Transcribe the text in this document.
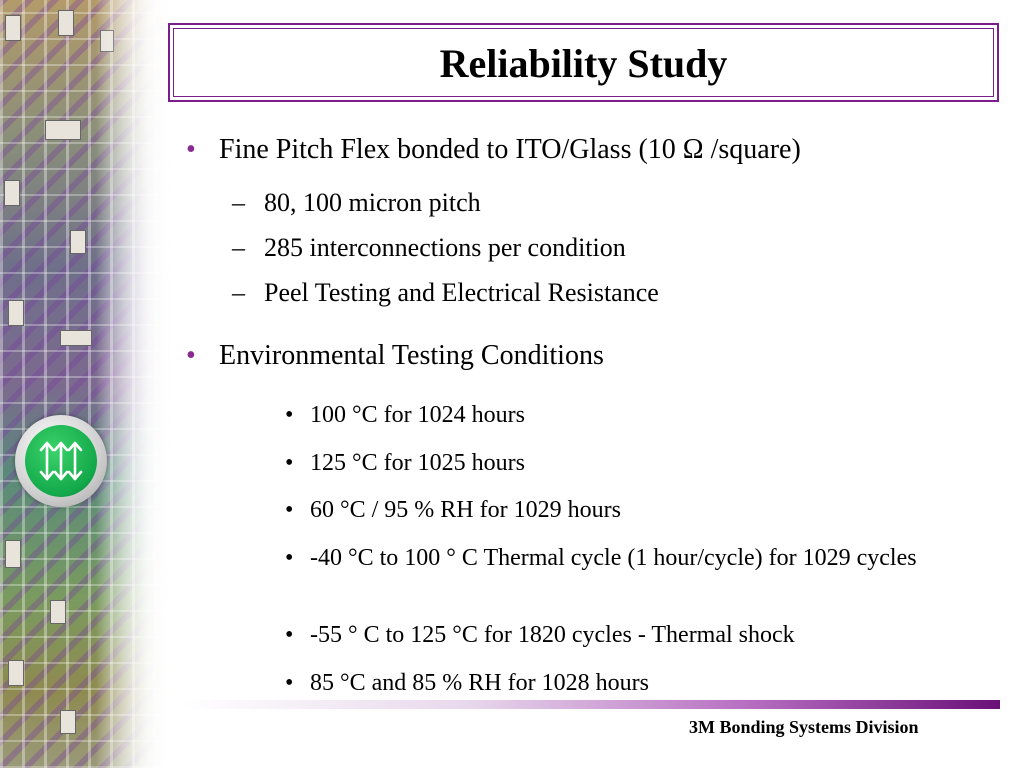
Reliability Study
• Fine Pitch Flex bonded to ITO/Glass (10 Ω /square)
– 80, 100 micron pitch
– 285 interconnections per condition
– Peel Testing and Electrical Resistance
• Environmental Testing Conditions
• 100 °C for 1024 hours
• 125 °C for 1025 hours
• 60 °C / 95 % RH for 1029 hours
• -40 °C to 100 ° C Thermal cycle (1 hour/cycle) for 1029 cycles
• -55 ° C to 125 °C for 1820 cycles - Thermal shock
• 85 °C and 85 % RH for 1028 hours
3M Bonding Systems Division
